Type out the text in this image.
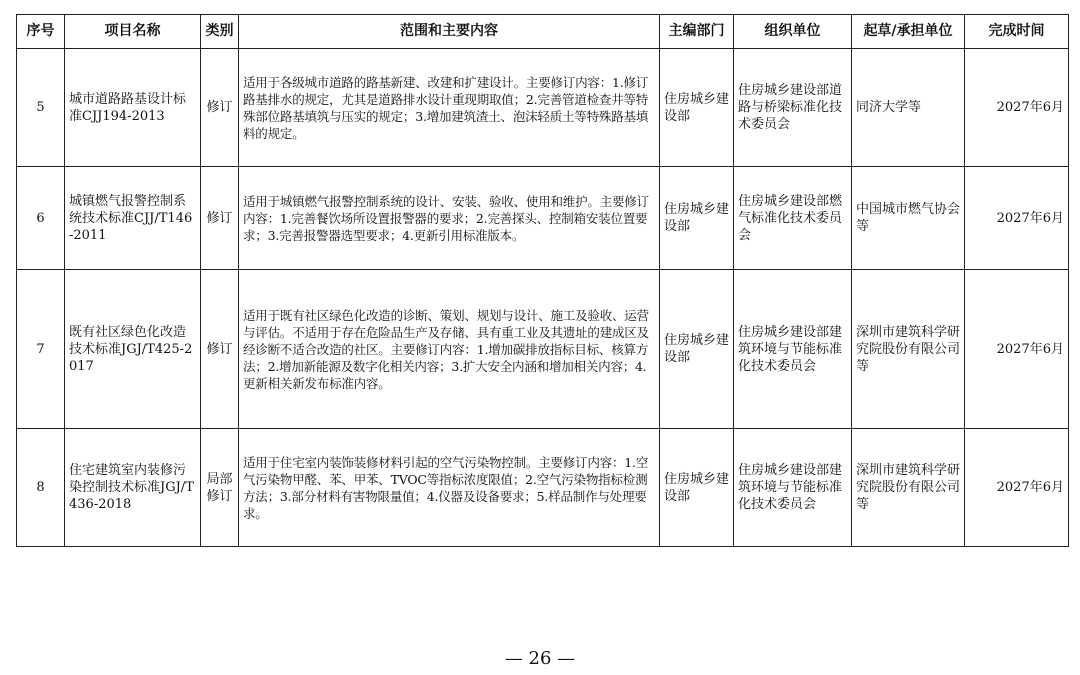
序号	项目名称	类别	范围和主要内容	主编部门	组织单位	起草/承担单位	完成时间
5	城市道路路基设计标准CJJ194-2013	修订	适用于各级城市道路的路基新建、改建和扩建设计。主要修订内容：1.修订路基排水的规定，尤其是道路排水设计重现期取值；2.完善管道检查井等特殊部位路基填筑与压实的规定；3.增加建筑渣土、泡沫轻质土等特殊路基填料的规定。	住房城乡建设部	住房城乡建设部道路与桥梁标准化技术委员会	同济大学等	2027年6月
6	城镇燃气报警控制系统技术标准CJJ/T146-2011	修订	适用于城镇燃气报警控制系统的设计、安装、验收、使用和维护。主要修订内容：1.完善餐饮场所设置报警器的要求；2.完善探头、控制箱安装位置要求；3.完善报警器选型要求；4.更新引用标准版本。	住房城乡建设部	住房城乡建设部燃气标准化技术委员会	中国城市燃气协会等	2027年6月
7	既有社区绿色化改造技术标准JGJ/T425-2017	修订	适用于既有社区绿色化改造的诊断、策划、规划与设计、施工及验收、运营与评估。不适用于存在危险品生产及存储、具有重工业及其遗址的建成区及经诊断不适合改造的社区。主要修订内容：1.增加碳排放指标目标、核算方法；2.增加新能源及数字化相关内容；3.扩大安全内涵和增加相关内容；4.更新相关新发布标准内容。	住房城乡建设部	住房城乡建设部建筑环境与节能标准化技术委员会	深圳市建筑科学研究院股份有限公司等	2027年6月
8	住宅建筑室内装修污染控制技术标准JGJ/T436-2018	局部修订	适用于住宅室内装饰装修材料引起的空气污染物控制。主要修订内容：1.空气污染物甲醛、苯、甲苯、TVOC等指标浓度限值；2.空气污染物指标检测方法；3.部分材料有害物限量值；4.仪器及设备要求；5.样品制作与处理要求。	住房城乡建设部	住房城乡建设部建筑环境与节能标准化技术委员会	深圳市建筑科学研究院股份有限公司等	2027年6月
— 26 —
